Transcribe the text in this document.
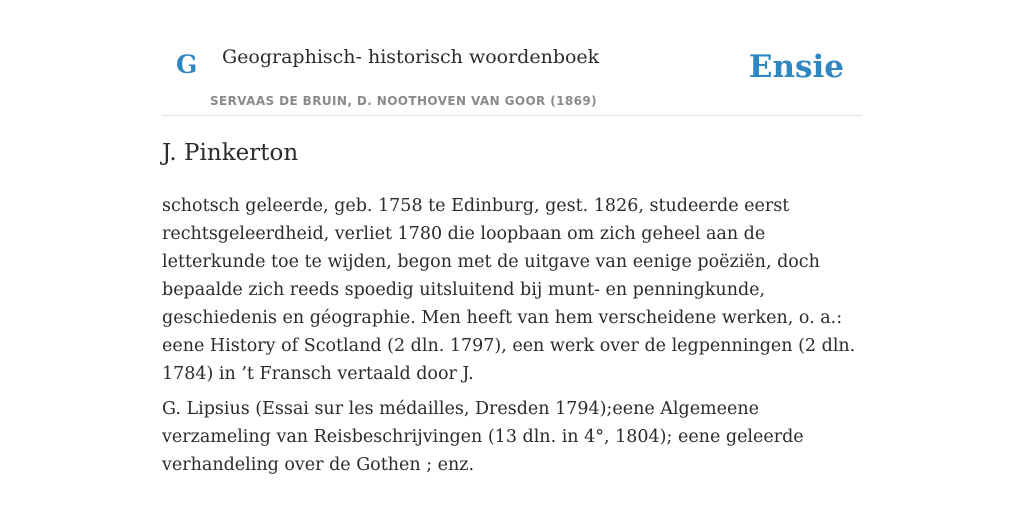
G Geographisch- historisch woordenboek
SERVAAS DE BRUIN, D. NOOTHOVEN VAN GOOR (1869)
Ensie
J. Pinkerton

schotsch geleerde, geb. 1758 te Edinburg, gest. 1826, studeerde eerst rechtsgeleerdheid, verliet 1780 die loopbaan om zich geheel aan de letterkunde toe te wijden, begon met de uitgave van eenige poëziën, doch bepaalde zich reeds spoedig uitsluitend bij munt- en penningkunde, geschiedenis en géographie. Men heeft van hem verscheidene werken, o. a.: eene History of Scotland (2 dln. 1797), een werk over de legpenningen (2 dln. 1784) in ’t Fransch vertaald door J.

G. Lipsius (Essai sur les médailles, Dresden 1794);eene Algemeene verzameling van Reisbeschrijvingen (13 dln. in 4°, 1804); eene geleerde verhandeling over de Gothen ; enz.
